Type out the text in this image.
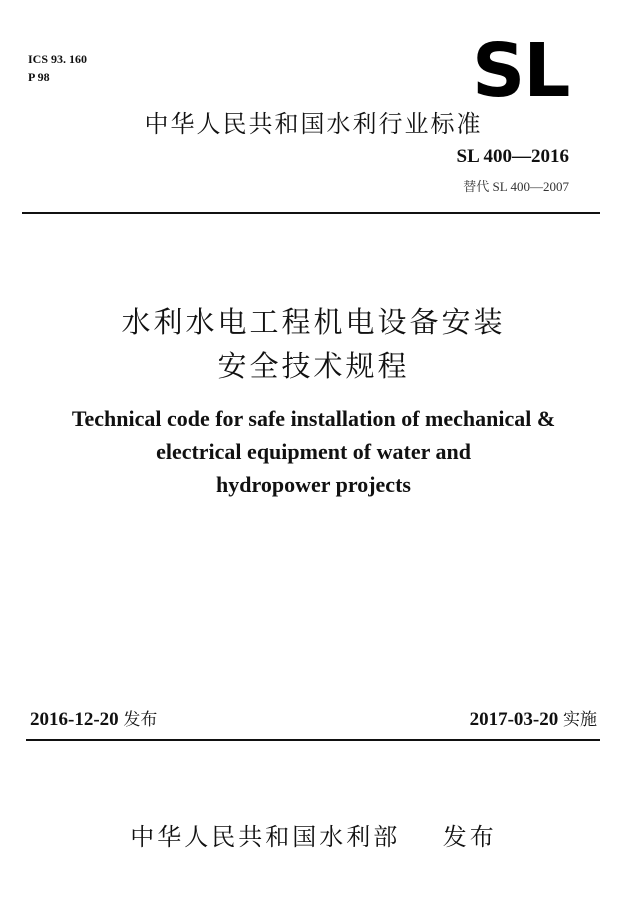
ICS 93. 160
P 98	SL
中华人民共和国水利行业标准
SL 400—2016
替代 SL 400—2007
水利水电工程机电设备安装
安全技术规程
Technical code for safe installation of mechanical &
electrical equipment of water and
hydropower projects
2016-12-20 发布	2017-03-20 实施
中华人民共和国水利部 发布
